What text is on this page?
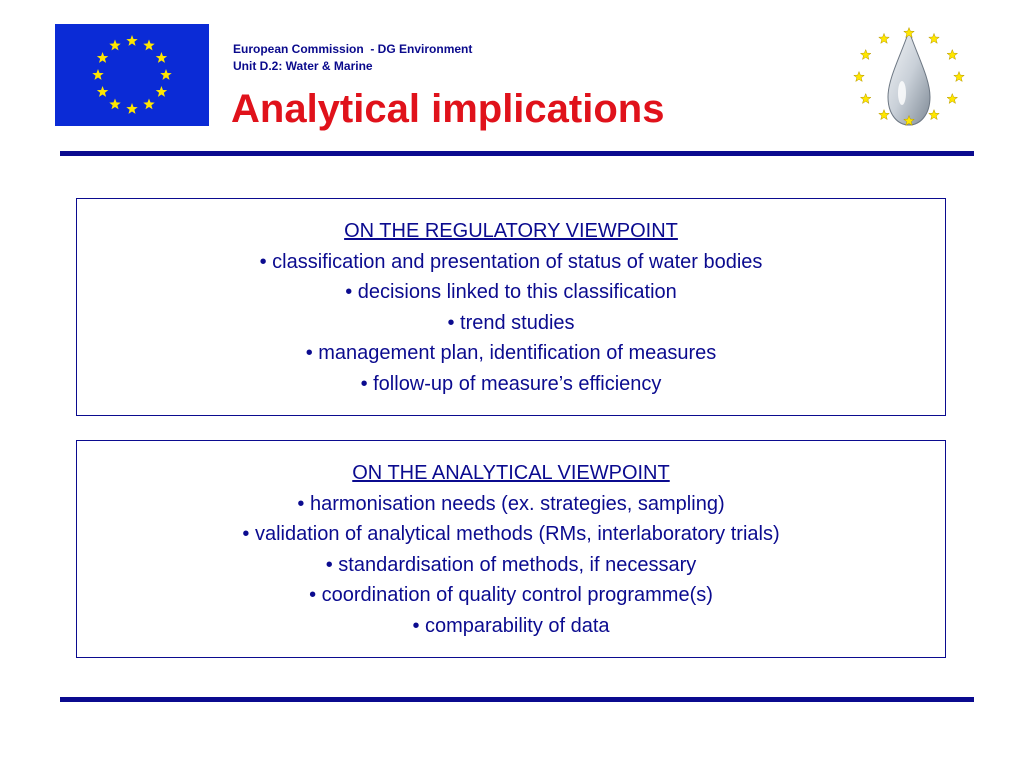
European Commission  - DG Environment
Unit D.2: Water & Marine
Analytical implications
ON THE REGULATORY VIEWPOINT
• classification and presentation of status of water bodies
• decisions linked to this classification
• trend studies
• management plan, identification of measures
• follow-up of measure’s efficiency
ON THE ANALYTICAL VIEWPOINT
• harmonisation needs (ex. strategies, sampling)
• validation of analytical methods (RMs, interlaboratory trials)
• standardisation of methods, if necessary
• coordination of quality control programme(s)
• comparability of data
